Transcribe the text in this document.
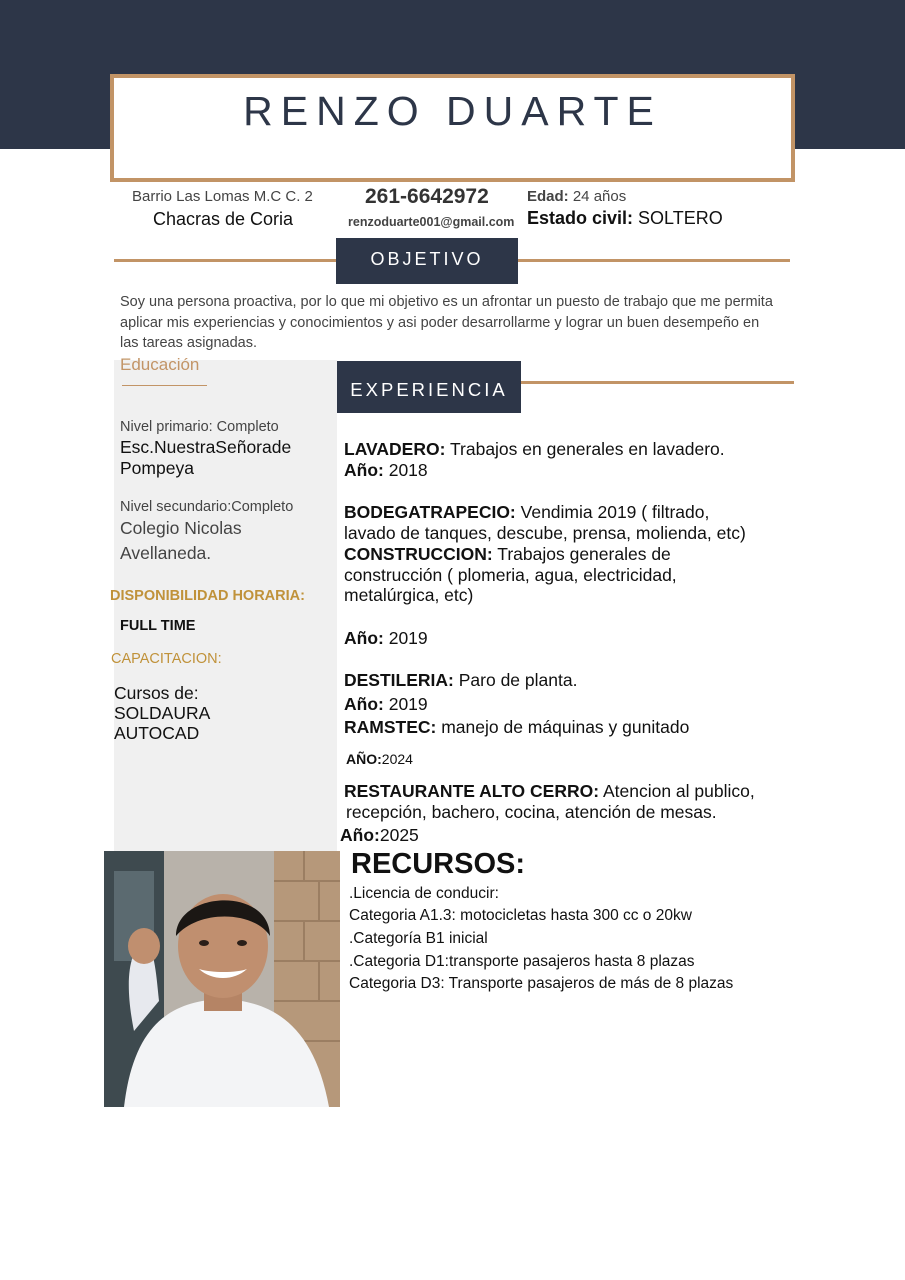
RENZO DUARTE
Barrio Las Lomas M.C C. 2
Chacras de Coria
261-6642972
renzoduarte001@gmail.com
Edad: 24 años
Estado civil: SOLTERO
OBJETIVO
Soy una persona proactiva, por lo que mi objetivo es un afrontar un puesto de trabajo que me permita aplicar mis experiencias y conocimientos y asi poder desarrollarme y lograr un buen desempeño en las tareas asignadas.
Educación
Nivel primario: Completo
Esc.NuestraSeñorade
Pompeya
Nivel secundario:Completo
Colegio Nicolas
Avellaneda.
DISPONIBILIDAD HORARIA:
FULL TIME
CAPACITACION:
Cursos de:
SOLDAURA
AUTOCAD
EXPERIENCIA
LAVADERO: Trabajos en generales en lavadero.
Año: 2018
BODEGATRAPECIO: Vendimia 2019 ( filtrado,
lavado de tanques, descube, prensa, molienda, etc)
CONSTRUCCION: Trabajos generales de
construcción ( plomeria, agua, electricidad,
metalúrgica, etc)
Año: 2019
DESTILERIA: Paro de planta.
Año: 2019
RAMSTEC: manejo de máquinas y gunitado
AÑO:2024
RESTAURANTE ALTO CERRO: Atencion al publico,
recepción, bachero, cocina, atención de mesas.
Año:2025
RECURSOS:
.Licencia de conducir:
Categoria A1.3: motocicletas hasta 300 cc o 20kw
.Categoría B1 inicial
.Categoria D1:transporte pasajeros hasta 8 plazas
Categoria D3: Transporte pasajeros de más de 8 plazas
